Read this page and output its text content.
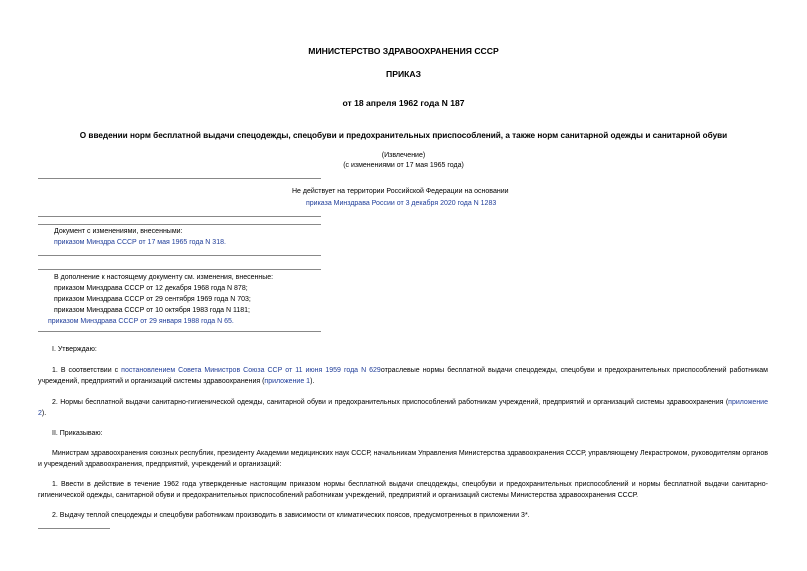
МИНИСТЕРСТВО ЗДРАВООХРАНЕНИЯ СССР
ПРИКАЗ
от 18 апреля 1962 года N 187
О введении норм бесплатной выдачи спецодежды, спецобуви и предохранительных приспособлений, а также норм санитарной одежды и санитарной обуви
(Извлечение)
(с изменениями от 17 мая 1965 года)
Не действует на территории Российской Федерации на основании
приказа Минздрава России от 3 декабря 2020 года N 1283
Документ с изменениями, внесенными:
приказом Минздра СССР от 17 мая 1965 года N 318.
В дополнение к настоящему документу см. изменения, внесенные:
приказом Минздрава СССР от 12 декабря 1968 года N 878;
приказом Минздрава СССР от 29 сентября 1969 года N 703;
приказом Минздрава СССР от 10 октября 1983 года N 1181;
приказом Минздрава СССР от 29 января 1988 года N 65.
I. Утверждаю:
1. В соответствии с постановлением Совета Министров Союза ССР от 11 июня 1959 года N 629отраслевые нормы бесплатной выдачи спецодежды, спецобуви и предохранительных приспособлений работникам учреждений, предприятий и организаций системы здравоохранения (приложение 1).
2. Нормы бесплатной выдачи санитарно-гигиенической одежды, санитарной обуви и предохранительных приспособлений работникам учреждений, предприятий и организаций системы здравоохранения (приложение 2).
II. Приказываю:
Министрам здравоохранения союзных республик, президенту Академии медицинских наук СССР, начальникам Управления Министерства здравоохранения СССР, управляющему Лекрастромом, руководителям органов и учреждений здравоохранения, предприятий, учреждений и организаций:
1. Ввести в действие в течение 1962 года утвержденные настоящим приказом нормы бесплатной выдачи спецодежды, спецобуви и предохранительных приспособлений и нормы бесплатной выдачи санитарно-гигиенической одежды, санитарной обуви и предохранительных приспособлений работникам учреждений, предприятий и организаций системы Министерства здравоохранения СССР.
2. Выдачу теплой спецодежды и спецобуви работникам производить в зависимости от климатических поясов, предусмотренных в приложении 3*.
